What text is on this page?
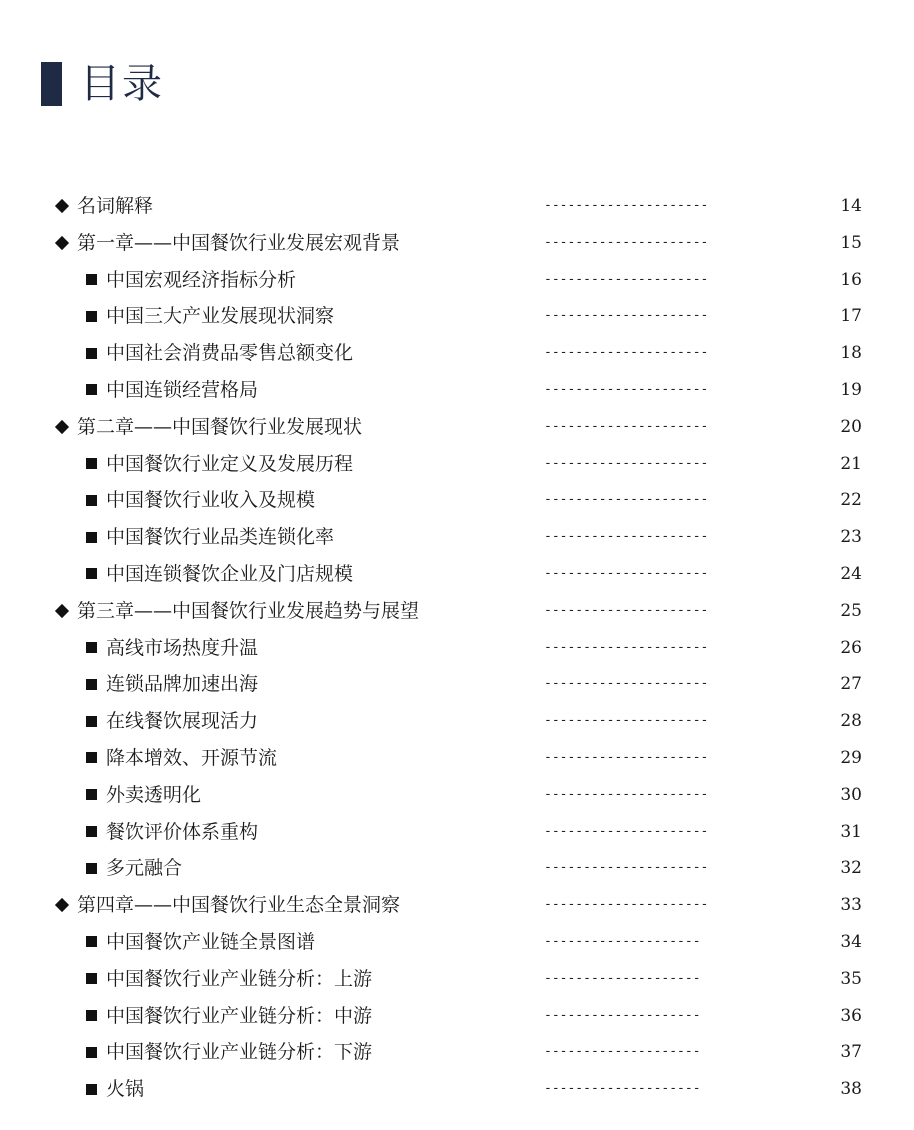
目录
名词解释	---------------------	14
第一章——中国餐饮行业发展宏观背景	---------------------	15
中国宏观经济指标分析	---------------------	16
中国三大产业发展现状洞察	---------------------	17
中国社会消费品零售总额变化	---------------------	18
中国连锁经营格局	---------------------	19
第二章——中国餐饮行业发展现状	---------------------	20
中国餐饮行业定义及发展历程	---------------------	21
中国餐饮行业收入及规模	---------------------	22
中国餐饮行业品类连锁化率	---------------------	23
中国连锁餐饮企业及门店规模	---------------------	24
第三章——中国餐饮行业发展趋势与展望	---------------------	25
高线市场热度升温	---------------------	26
连锁品牌加速出海	---------------------	27
在线餐饮展现活力	---------------------	28
降本增效、开源节流	---------------------	29
外卖透明化	---------------------	30
餐饮评价体系重构	---------------------	31
多元融合	---------------------	32
第四章——中国餐饮行业生态全景洞察	---------------------	33
中国餐饮产业链全景图谱	--------------------	34
中国餐饮行业产业链分析：上游	--------------------	35
中国餐饮行业产业链分析：中游	--------------------	36
中国餐饮行业产业链分析：下游	--------------------	37
火锅	--------------------	38
